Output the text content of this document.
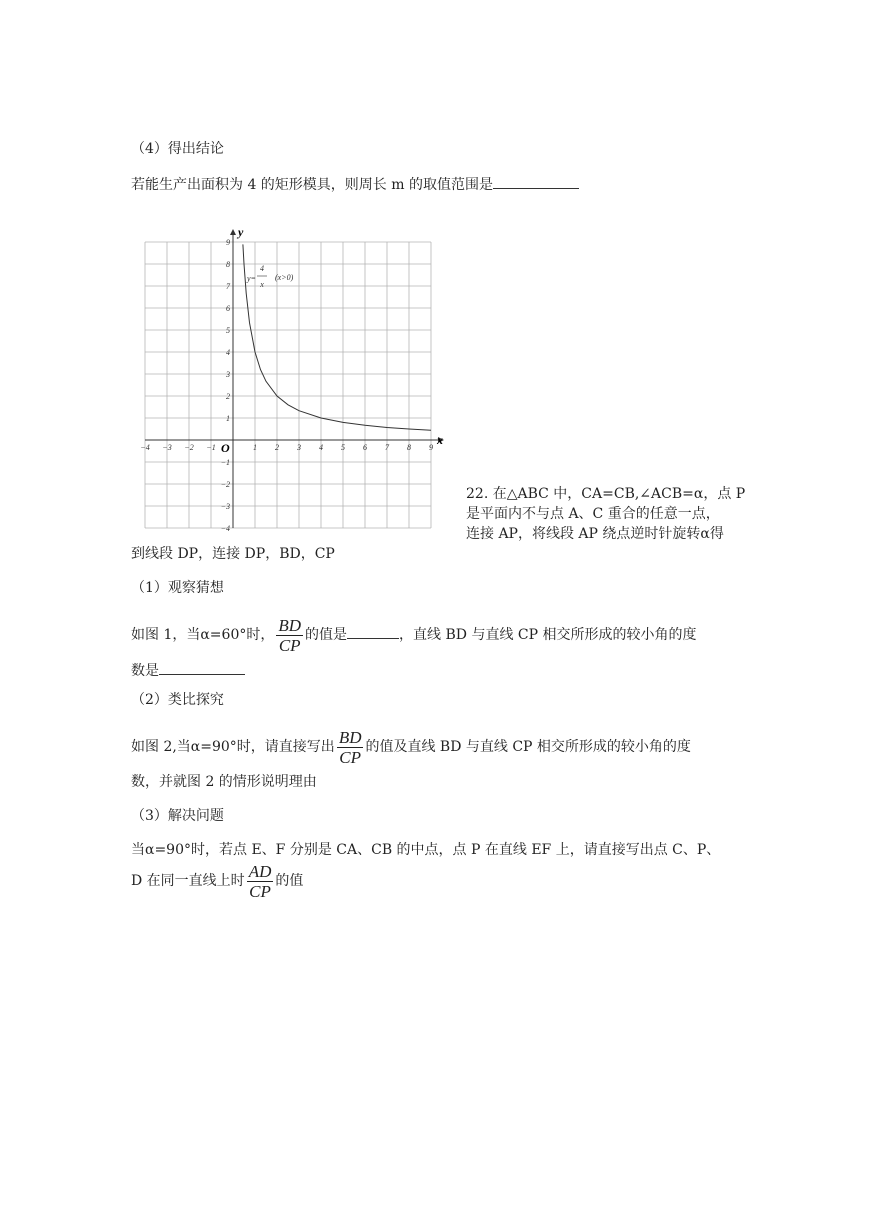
（4）得出结论
若能生产出面积为 4 的矩形模具，则周长 m 的取值范围是
−4 −3 −2 −1	1 2 3 4 5 6 7 8 9
9
8
7
6
5
4
3
2
1
−1
−2
−3
−4
y
x
O
y=
4
x
(x>0)
22. 在△ABC 中，CA=CB,∠ACB=α，点 P
是平面内不与点 A、C 重合的任意一点，
连接 AP，将线段 AP 绕点逆时针旋转α得
到线段 DP，连接 DP，BD，CP
（1）观察猜想
如图 1，当α=60°时， $\frac{BD}{CP}$ 的值是	，直线 BD 与直线 CP 相交所形成的较小角的度
数是
（2）类比探究
如图 2,当α=90°时，请直接写出 $\frac{BD}{CP}$ 的值及直线 BD 与直线 CP 相交所形成的较小角的度
数，并就图 2 的情形说明理由
（3）解决问题
当α=90°时，若点 E、F 分别是 CA、CB 的中点，点 P 在直线 EF 上，请直接写出点 C、P、
D 在同一直线上时 $\frac{AD}{CP}$ 的值
